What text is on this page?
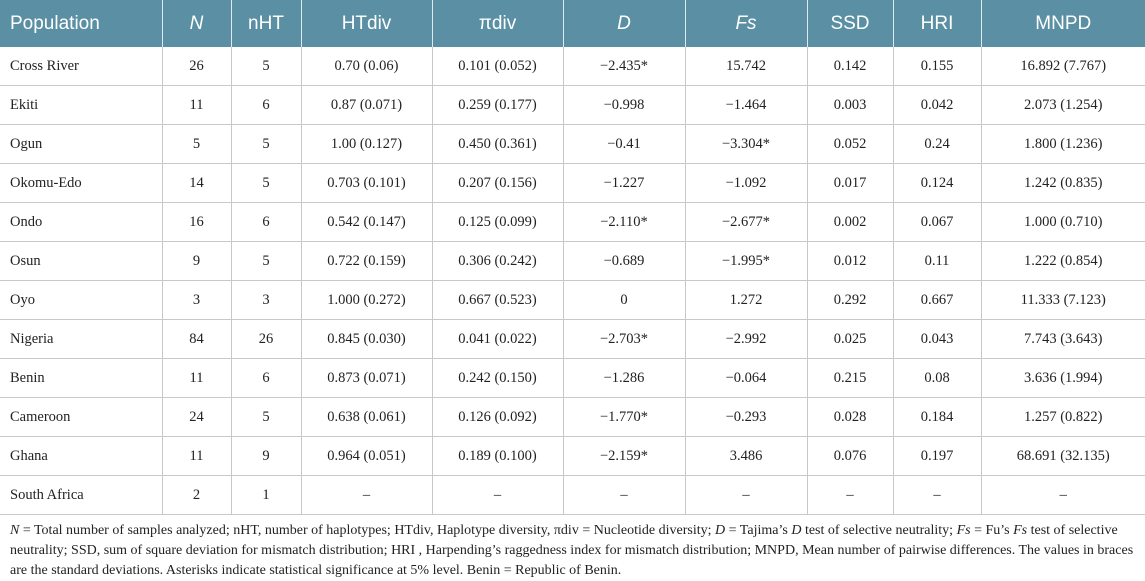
Population	N	nHT	HTdiv	πdiv	D	Fs	SSD	HRI	MNPD
Cross River	26	5	0.70 (0.06)	0.101 (0.052)	−2.435*	15.742	0.142	0.155	16.892 (7.767)
Ekiti	11	6	0.87 (0.071)	0.259 (0.177)	−0.998	−1.464	0.003	0.042	2.073 (1.254)
Ogun	5	5	1.00 (0.127)	0.450 (0.361)	−0.41	−3.304*	0.052	0.24	1.800 (1.236)
Okomu-Edo	14	5	0.703 (0.101)	0.207 (0.156)	−1.227	−1.092	0.017	0.124	1.242 (0.835)
Ondo	16	6	0.542 (0.147)	0.125 (0.099)	−2.110*	−2.677*	0.002	0.067	1.000 (0.710)
Osun	9	5	0.722 (0.159)	0.306 (0.242)	−0.689	−1.995*	0.012	0.11	1.222 (0.854)
Oyo	3	3	1.000 (0.272)	0.667 (0.523)	0	1.272	0.292	0.667	11.333 (7.123)
Nigeria	84	26	0.845 (0.030)	0.041 (0.022)	−2.703*	−2.992	0.025	0.043	7.743 (3.643)
Benin	11	6	0.873 (0.071)	0.242 (0.150)	−1.286	−0.064	0.215	0.08	3.636 (1.994)
Cameroon	24	5	0.638 (0.061)	0.126 (0.092)	−1.770*	−0.293	0.028	0.184	1.257 (0.822)
Ghana	11	9	0.964 (0.051)	0.189 (0.100)	−2.159*	3.486	0.076	0.197	68.691 (32.135)
South Africa	2	1	–	–	–	–	–	–	–

N = Total number of samples analyzed; nHT, number of haplotypes; HTdiv, Haplotype diversity, πdiv = Nucleotide diversity; D = Tajima’s D test of selective neutrality; Fs = Fu’s Fs test of selective neutrality; SSD, sum of square deviation for mismatch distribution; HRI , Harpending’s raggedness index for mismatch distribution; MNPD, Mean number of pairwise differences. The values in braces are the standard deviations. Asterisks indicate statistical significance at 5% level. Benin = Republic of Benin.
